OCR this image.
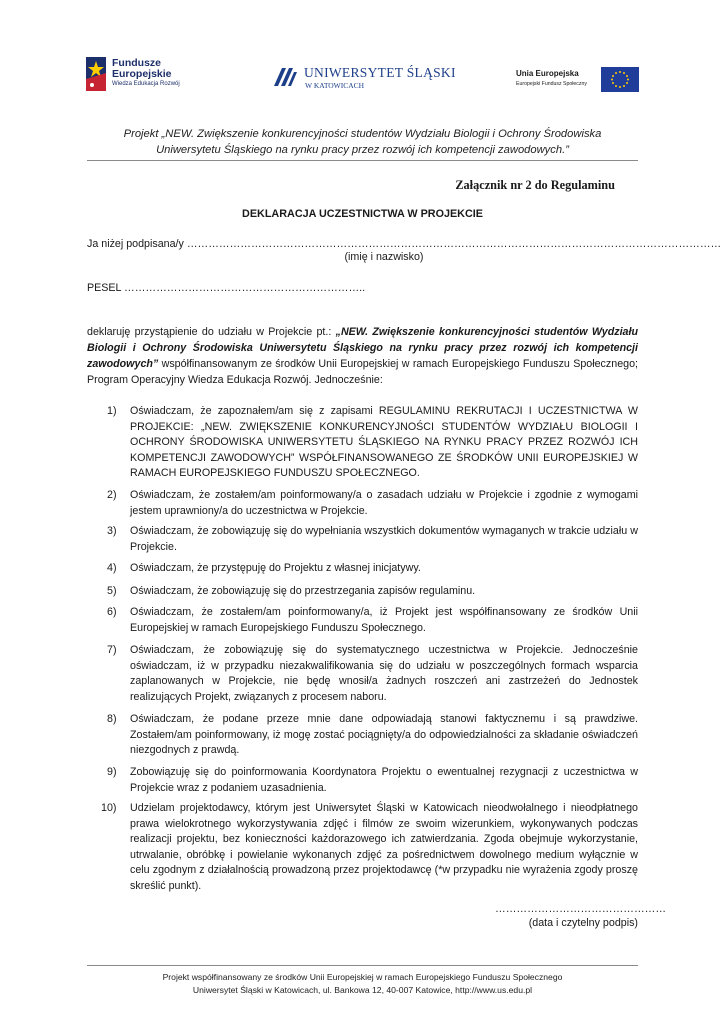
Fundusze
Europejskie
Wiedza Edukacja Rozwój
UNIWERSYTET ŚLĄSKI
W KATOWICACH
Unia Europejska
Europejski Fundusz Społeczny
Projekt „NEW. Zwiększenie konkurencyjności studentów Wydziału Biologii i Ochrony Środowiska
Uniwersytetu Śląskiego na rynku pracy przez rozwój ich kompetencji zawodowych.”
Załącznik nr 2 do Regulaminu
DEKLARACJA UCZESTNICTWA W PROJEKCIE
Ja niżej podpisana/y ……………………………………………………………………………………………………………………………………
(imię i nazwisko)
PESEL …………………………………………………………..
deklaruję przystąpienie do udziału w Projekcie pt.: „NEW. Zwiększenie konkurencyjności studentów Wydziału Biologii i Ochrony Środowiska Uniwersytetu Śląskiego na rynku pracy przez rozwój ich kompetencji zawodowych” współfinansowanym ze środków Unii Europejskiej w ramach Europejskiego Funduszu Społecznego; Program Operacyjny Wiedza Edukacja Rozwój. Jednocześnie:
1) Oświadczam, że zapoznałem/am się z zapisami REGULAMINU REKRUTACJI I UCZESTNICTWA W PROJEKCIE: „NEW. ZWIĘKSZENIE KONKURENCYJNOŚCI STUDENTÓW WYDZIAŁU BIOLOGII I OCHRONY ŚRODOWISKA UNIWERSYTETU ŚLĄSKIEGO NA RYNKU PRACY PRZEZ ROZWÓJ ICH KOMPETENCJI ZAWODOWYCH” WSPÓŁFINANSOWANEGO ZE ŚRODKÓW UNII EUROPEJSKIEJ W RAMACH EUROPEJSKIEGO FUNDUSZU SPOŁECZNEGO.
2) Oświadczam, że zostałem/am poinformowany/a o zasadach udziału w Projekcie i zgodnie z wymogami jestem uprawniony/a do uczestnictwa w Projekcie.
3) Oświadczam, że zobowiązuję się do wypełniania wszystkich dokumentów wymaganych w trakcie udziału w Projekcie.
4) Oświadczam, że przystępuję do Projektu z własnej inicjatywy.
5) Oświadczam, że zobowiązuję się do przestrzegania zapisów regulaminu.
6) Oświadczam, że zostałem/am poinformowany/a, iż Projekt jest współfinansowany ze środków Unii Europejskiej w ramach Europejskiego Funduszu Społecznego.
7) Oświadczam, że zobowiązuję się do systematycznego uczestnictwa w Projekcie. Jednocześnie oświadczam, iż w przypadku niezakwalifikowania się do udziału w poszczególnych formach wsparcia zaplanowanych w Projekcie, nie będę wnosił/a żadnych roszczeń ani zastrzeżeń do Jednostek realizujących Projekt, związanych z procesem naboru.
8) Oświadczam, że podane przeze mnie dane odpowiadają stanowi faktycznemu i są prawdziwe. Zostałem/am poinformowany, iż mogę zostać pociągnięty/a do odpowiedzialności za składanie oświadczeń niezgodnych z prawdą.
9) Zobowiązuję się do poinformowania Koordynatora Projektu o ewentualnej rezygnacji z uczestnictwa w Projekcie wraz z podaniem uzasadnienia.
10) Udzielam projektodawcy, którym jest Uniwersytet Śląski w Katowicach nieodwołalnego i nieodpłatnego prawa wielokrotnego wykorzystywania zdjęć i filmów ze swoim wizerunkiem, wykonywanych podczas realizacji projektu, bez konieczności każdorazowego ich zatwierdzania. Zgoda obejmuje wykorzystanie, utrwalanie, obróbkę i powielanie wykonanych zdjęć za pośrednictwem dowolnego medium wyłącznie w celu zgodnym z działalnością prowadzoną przez projektodawcę (*w przypadku nie wyrażenia zgody proszę skreślić punkt).
…………………………………………
(data i czytelny podpis)
Projekt współfinansowany ze środków Unii Europejskiej w ramach Europejskiego Funduszu Społecznego
Uniwersytet Śląski w Katowicach, ul. Bankowa 12, 40-007 Katowice, http://www.us.edu.pl
